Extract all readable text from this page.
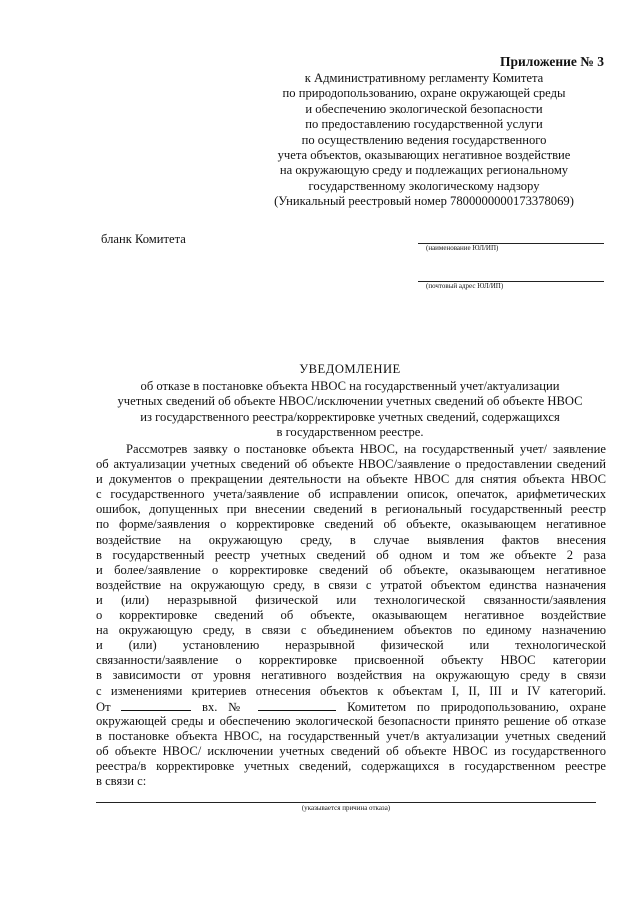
Приложение № 3
к Административному регламенту Комитета
по природопользованию, охране окружающей среды
и обеспечению экологической безопасности
по предоставлению государственной услуги
по осуществлению ведения государственного
учета объектов, оказывающих негативное воздействие
на окружающую среду и подлежащих региональному
государственному экологическому надзору
(Уникальный реестровый номер 7800000000173378069)
бланк Комитета
(наименование ЮЛ/ИП)
(почтовый адрес ЮЛ/ИП)
УВЕДОМЛЕНИЕ
об отказе в постановке объекта НВОС на государственный учет/актуализации
учетных сведений об объекте НВОС/исключении учетных сведений об объекте НВОС
из государственного реестра/корректировке учетных сведений, содержащихся
в государственном реестре.
Рассмотрев заявку о постановке объекта НВОС, на государственный учет/ заявление
об актуализации учетных сведений об объекте НВОС/заявление о предоставлении сведений
и документов о прекращении деятельности на объекте НВОС для снятия объекта НВОС
с государственного учета/заявление об исправлении описок, опечаток, арифметических
ошибок, допущенных при внесении сведений в региональный государственный реестр
по форме/заявления о корректировке сведений об объекте, оказывающем негативное
воздействие на окружающую среду, в случае выявления фактов внесения
в государственный реестр учетных сведений об одном и том же объекте 2 раза
и более/заявление о корректировке сведений об объекте, оказывающем негативное
воздействие на окружающую среду, в связи с утратой объектом единства назначения
и (или) неразрывной физической или технологической связанности/заявления
о корректировке сведений об объекте, оказывающем негативное воздействие
на окружающую среду, в связи с объединением объектов по единому назначению
и (или) установлению неразрывной физической или технологической
связанности/заявление о корректировке присвоенной объекту НВОС категории
в зависимости от уровня негативного воздействия на окружающую среду в связи
с изменениями критериев отнесения объектов к объектам I, II, III и IV категорий.
От	вх. №	Комитетом по природопользованию, охране
окружающей среды и обеспечению экологической безопасности принято решение об отказе
в постановке объекта НВОС, на государственный учет/в актуализации учетных сведений
об объекте НВОС/ исключении учетных сведений об объекте НВОС из государственного
реестра/в корректировке учетных сведений, содержащихся в государственном реестре
в связи с:
(указывается причина отказа)
